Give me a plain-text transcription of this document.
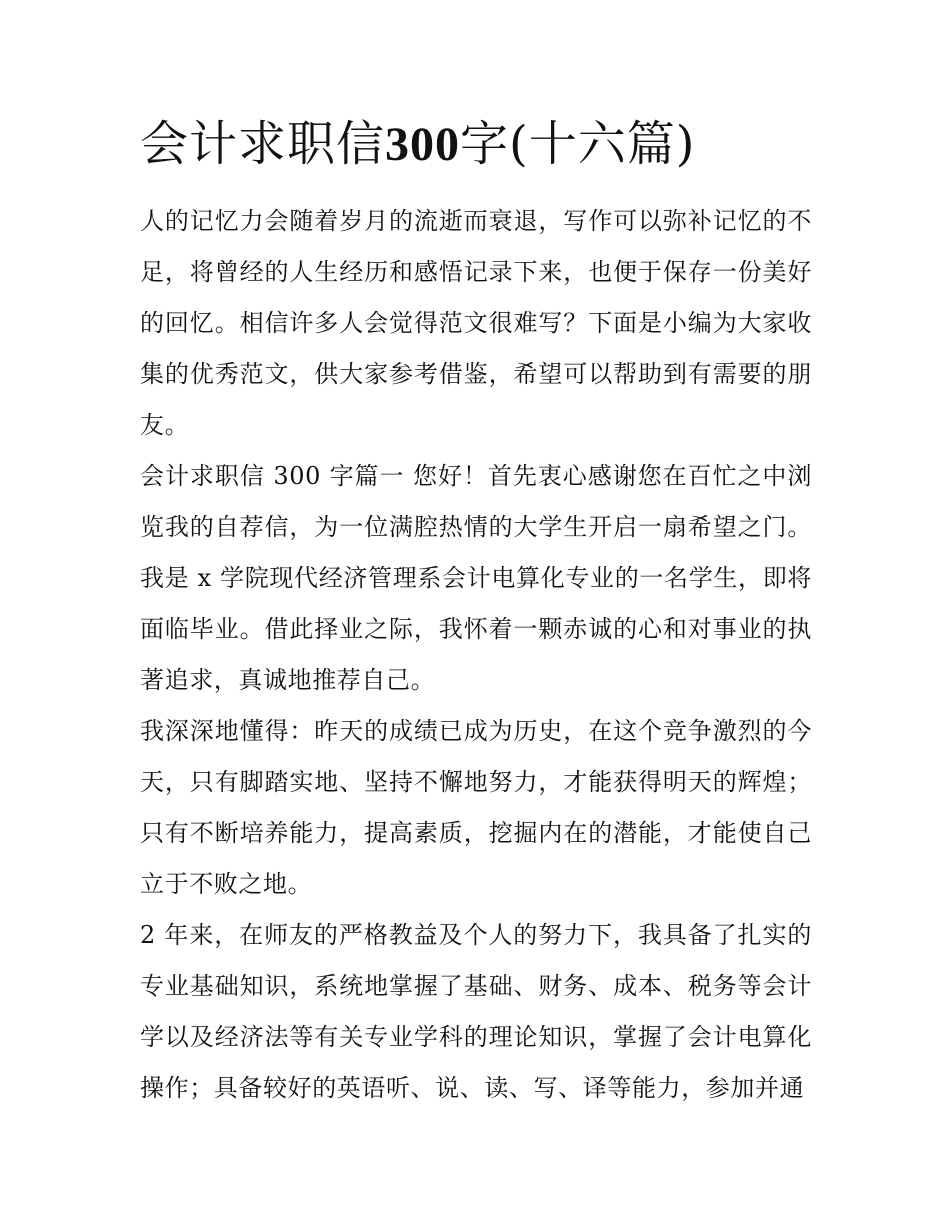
会计求职信300字(十六篇)

人的记忆力会随着岁月的流逝而衰退，写作可以弥补记忆的不足，将曾经的人生经历和感悟记录下来，也便于保存一份美好的回忆。相信许多人会觉得范文很难写？下面是小编为大家收集的优秀范文，供大家参考借鉴，希望可以帮助到有需要的朋友。

会计求职信 300 字篇一 您好！首先衷心感谢您在百忙之中浏览我的自荐信，为一位满腔热情的大学生开启一扇希望之门。我是 x 学院现代经济管理系会计电算化专业的一名学生，即将面临毕业。借此择业之际，我怀着一颗赤诚的心和对事业的执著追求，真诚地推荐自己。

我深深地懂得：昨天的成绩已成为历史，在这个竞争激烈的今天，只有脚踏实地、坚持不懈地努力，才能获得明天的辉煌；只有不断培养能力，提高素质，挖掘内在的潜能，才能使自己立于不败之地。

2 年来，在师友的严格教益及个人的努力下，我具备了扎实的专业基础知识，系统地掌握了基础、财务、成本、税务等会计学以及经济法等有关专业学科的理论知识，掌握了会计电算化操作；具备较好的英语听、说、读、写、译等能力，参加并通
